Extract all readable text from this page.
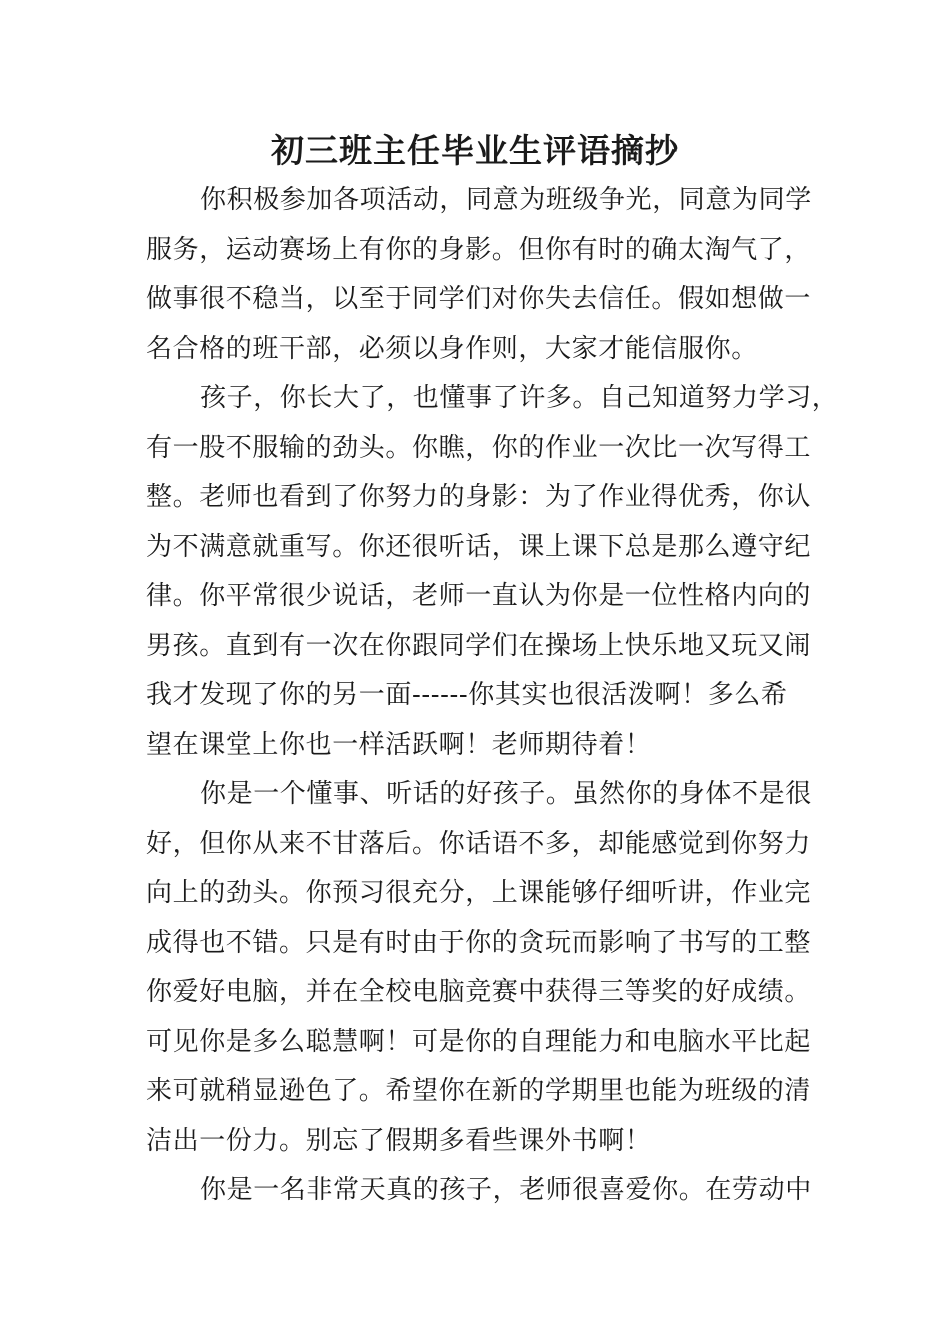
初三班主任毕业生评语摘抄
你积极参加各项活动，同意为班级争光，同意为同学
服务，运动赛场上有你的身影。但你有时的确太淘气了，
做事很不稳当，以至于同学们对你失去信任。假如想做一
名合格的班干部，必须以身作则，大家才能信服你。
孩子，你长大了，也懂事了许多。自己知道努力学习，
有一股不服输的劲头。你瞧，你的作业一次比一次写得工
整。老师也看到了你努力的身影：为了作业得优秀，你认
为不满意就重写。你还很听话，课上课下总是那么遵守纪
律。你平常很少说话，老师一直认为你是一位性格内向的
男孩。直到有一次在你跟同学们在操场上快乐地又玩又闹
我才发现了你的另一面------你其实也很活泼啊！多么希
望在课堂上你也一样活跃啊！老师期待着！
你是一个懂事、听话的好孩子。虽然你的身体不是很
好，但你从来不甘落后。你话语不多，却能感觉到你努力
向上的劲头。你预习很充分，上课能够仔细听讲，作业完
成得也不错。只是有时由于你的贪玩而影响了书写的工整
你爱好电脑，并在全校电脑竞赛中获得三等奖的好成绩。
可见你是多么聪慧啊！可是你的自理能力和电脑水平比起
来可就稍显逊色了。希望你在新的学期里也能为班级的清
洁出一份力。别忘了假期多看些课外书啊！
你是一名非常天真的孩子，老师很喜爱你。在劳动中
